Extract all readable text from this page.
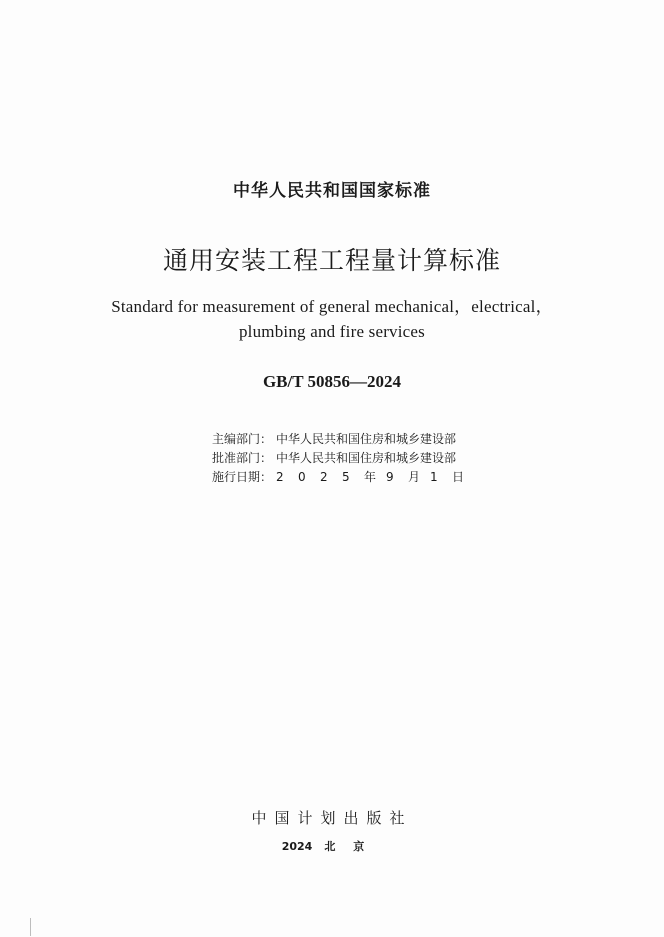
中华人民共和国国家标准
通用安装工程工程量计算标准
Standard for measurement of general mechanical，electrical，
plumbing and fire services
GB/T 50856—2024
主编部门： 中华人民共和国住房和城乡建设部
批准部门： 中华人民共和国住房和城乡建设部
施行日期： 2	0	2	5	年 9	月 1	日
中国计划出版社
2024 北京
